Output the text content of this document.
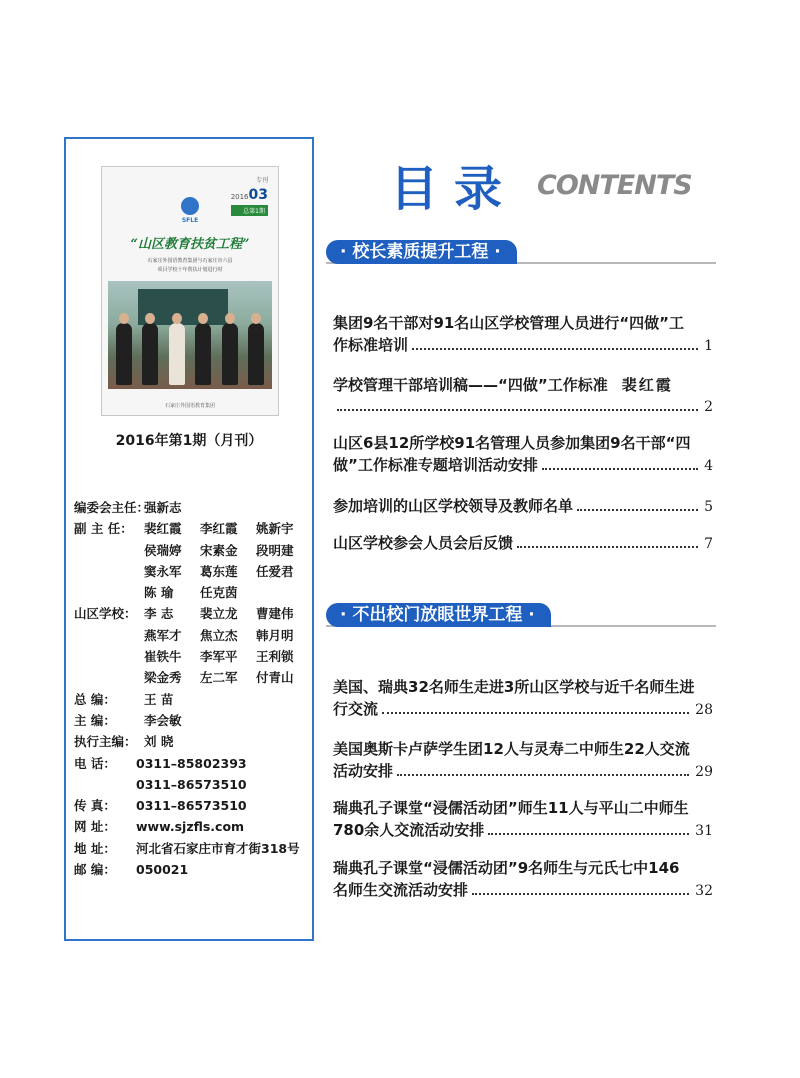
专刊
201603
总第1期
SFLE
“山区教育扶贫工程”
石家庄外国语教育集团与石家庄市六县
项目学校十年帮扶计划进行时
石家庄外国语教育集团
2016年第1期（月刊）
编委会主任：
强新志
副 主 任： 裴红霞 李红霞 姚新宇
侯瑞婷 宋素金 段明建
窦永军 葛东莲 任爱君
陈 瑜 任克茵
山区学校： 李 志 裴立龙 曹建伟
燕军才 焦立杰 韩月明
崔铁牛 李军平 王利锁
梁金秀 左二军 付青山
总 编：	王 苗
主 编：	李会敏
执行主编： 刘 晓
电 话：	0311–85802393
0311–86573510
传 真：	0311–86573510
网 址：	www.sjzfls.com
地 址：	河北省石家庄市育才街318号
邮 编：	050021
目录 CONTENTS
· 校长素质提升工程 ·
集团9名干部对91名山区学校管理人员进行“四做”工
作标准培训	1
学校管理干部培训稿——“四做”工作标准 裴红霞
2
山区6县12所学校91名管理人员参加集团9名干部“四
做”工作标准专题培训活动安排	4
参加培训的山区学校领导及教师名单	5
山区学校参会人员会后反馈	7
· 不出校门放眼世界工程 ·
美国、瑞典32名师生走进3所山区学校与近千名师生进
行交流	28
美国奥斯卡卢萨学生团12人与灵寿二中师生22人交流
活动安排	29
瑞典孔子课堂“浸儒活动团”师生11人与平山二中师生
780余人交流活动安排	31
瑞典孔子课堂“浸儒活动团”9名师生与元氏七中146
名师生交流活动安排	32
